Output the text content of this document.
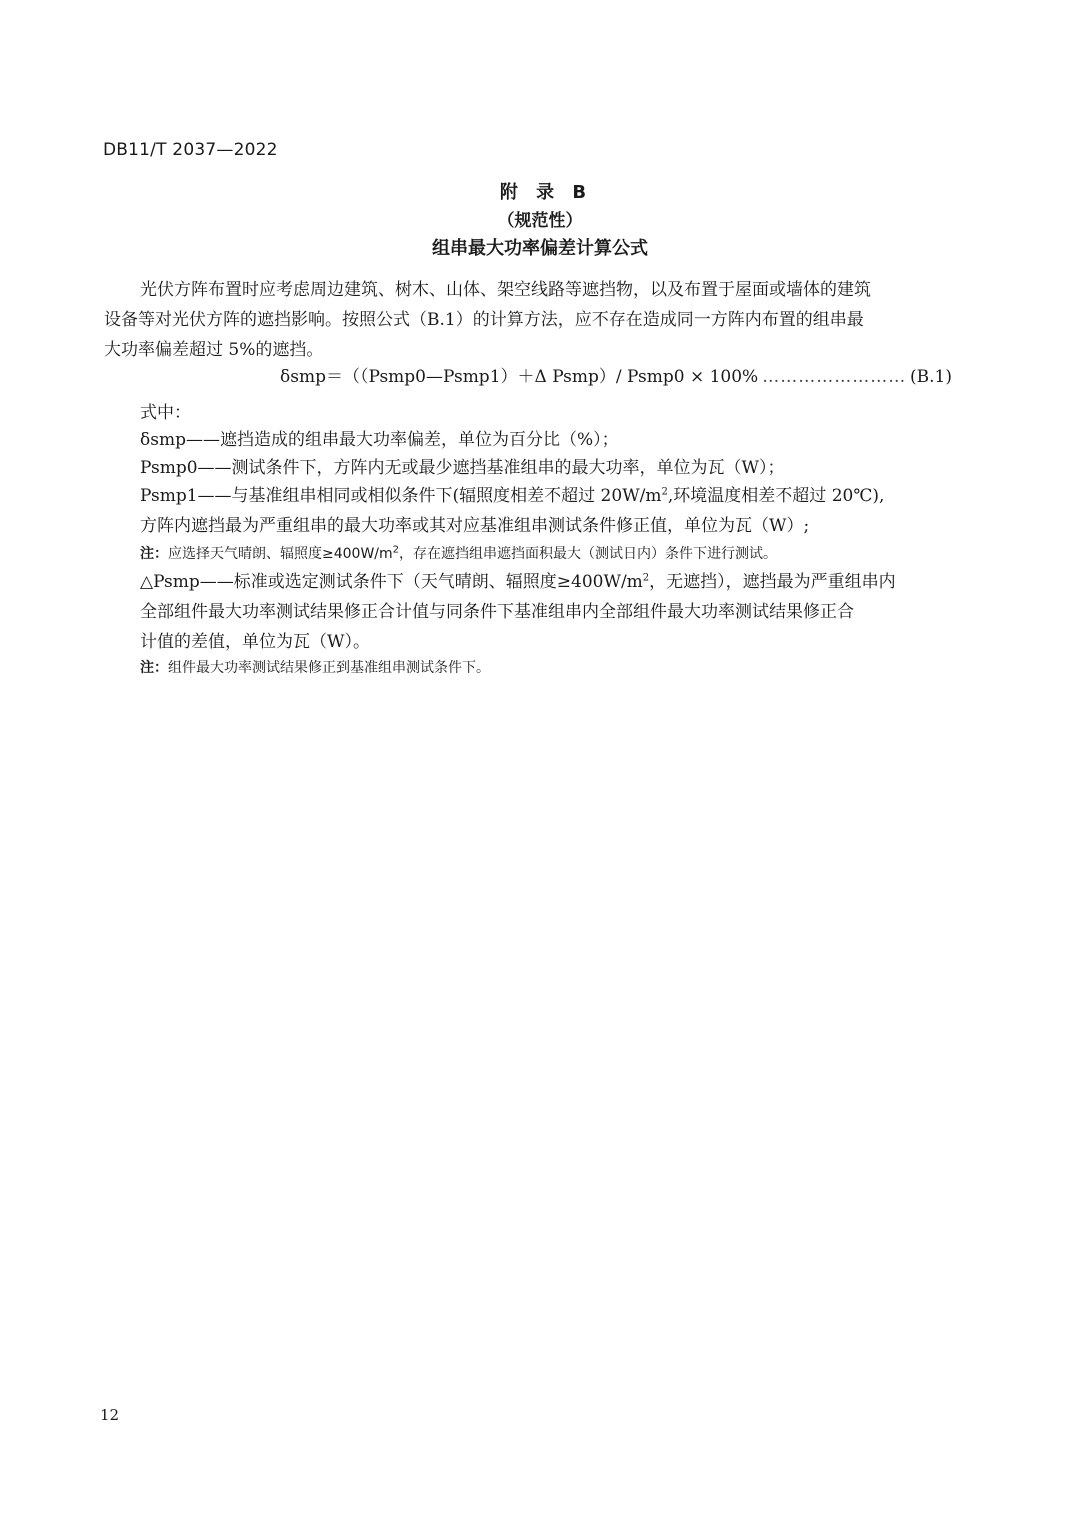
DB11/T 2037—2022
附 录 B
（规范性）
组串最大功率偏差计算公式
光伏方阵布置时应考虑周边建筑、树木、山体、架空线路等遮挡物，以及布置于屋面或墙体的建筑
设备等对光伏方阵的遮挡影响。按照公式（B.1）的计算方法，应不存在造成同一方阵内布置的组串最
大功率偏差超过 5%的遮挡。
δsmp＝（（Psmp0—Psmp1）＋Δ Psmp）/ Psmp0 × 100% …………………… (B.1)
式中：
δsmp——遮挡造成的组串最大功率偏差，单位为百分比（%）；
Psmp0——测试条件下，方阵内无或最少遮挡基准组串的最大功率，单位为瓦（W）；
Psmp1——与基准组串相同或相似条件下(辐照度相差不超过 $20W/m^2$,环境温度相差不超过 20℃),
方阵内遮挡最为严重组串的最大功率或其对应基准组串测试条件修正值，单位为瓦（W）;
注：应选择天气晴朗、辐照度$\ge 400W/m^2$，存在遮挡组串遮挡面积最大（测试日内）条件下进行测试。
△Psmp——标准或选定测试条件下（天气晴朗、辐照度$\ge 400W/m^2$，无遮挡），遮挡最为严重组串内
全部组件最大功率测试结果修正合计值与同条件下基准组串内全部组件最大功率测试结果修正合
计值的差值，单位为瓦（W）。
注：组件最大功率测试结果修正到基准组串测试条件下。
12
